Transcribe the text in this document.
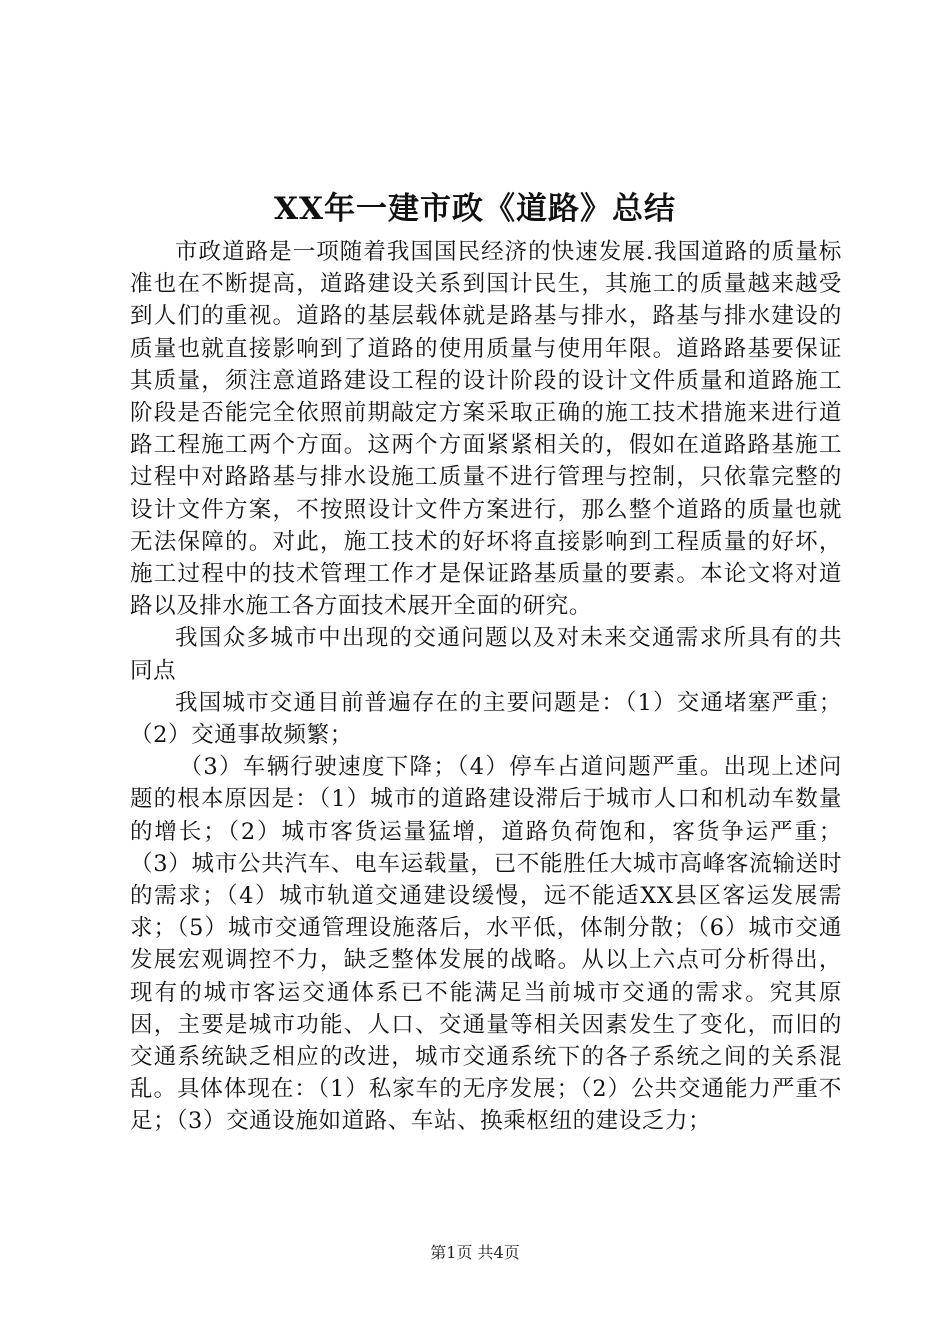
XX年一建市政《道路》总结

市政道路是一项随着我国国民经济的快速发展.我国道路的质量标准也在不断提高，道路建设关系到国计民生，其施工的质量越来越受到人们的重视。道路的基层载体就是路基与排水，路基与排水建设的质量也就直接影响到了道路的使用质量与使用年限。道路路基要保证其质量，须注意道路建设工程的设计阶段的设计文件质量和道路施工阶段是否能完全依照前期敲定方案采取正确的施工技术措施来进行道路工程施工两个方面。这两个方面紧紧相关的，假如在道路路基施工过程中对路路基与排水设施工质量不进行管理与控制，只依靠完整的设计文件方案，不按照设计文件方案进行，那么整个道路的质量也就无法保障的。对此，施工技术的好坏将直接影响到工程质量的好坏，施工过程中的技术管理工作才是保证路基质量的要素。本论文将对道路以及排水施工各方面技术展开全面的研究。

我国众多城市中出现的交通问题以及对未来交通需求所具有的共同点

我国城市交通目前普遍存在的主要问题是：（1）交通堵塞严重；（2）交通事故频繁；

（3）车辆行驶速度下降；（4）停车占道问题严重。出现上述问题的根本原因是：（1）城市的道路建设滞后于城市人口和机动车数量的增长；（2）城市客货运量猛增，道路负荷饱和，客货争运严重；（3）城市公共汽车、电车运载量，已不能胜任大城市高峰客流输送时的需求；（4）城市轨道交通建设缓慢，远不能适XX县区客运发展需求；（5）城市交通管理设施落后，水平低，体制分散；（6）城市交通发展宏观调控不力，缺乏整体发展的战略。从以上六点可分析得出，现有的城市客运交通体系已不能满足当前城市交通的需求。究其原因，主要是城市功能、人口、交通量等相关因素发生了变化，而旧的交通系统缺乏相应的改进，城市交通系统下的各子系统之间的关系混乱。具体体现在：（1）私家车的无序发展；（2）公共交通能力严重不足；（3）交通设施如道路、车站、换乘枢纽的建设乏力；

第1页 共4页
